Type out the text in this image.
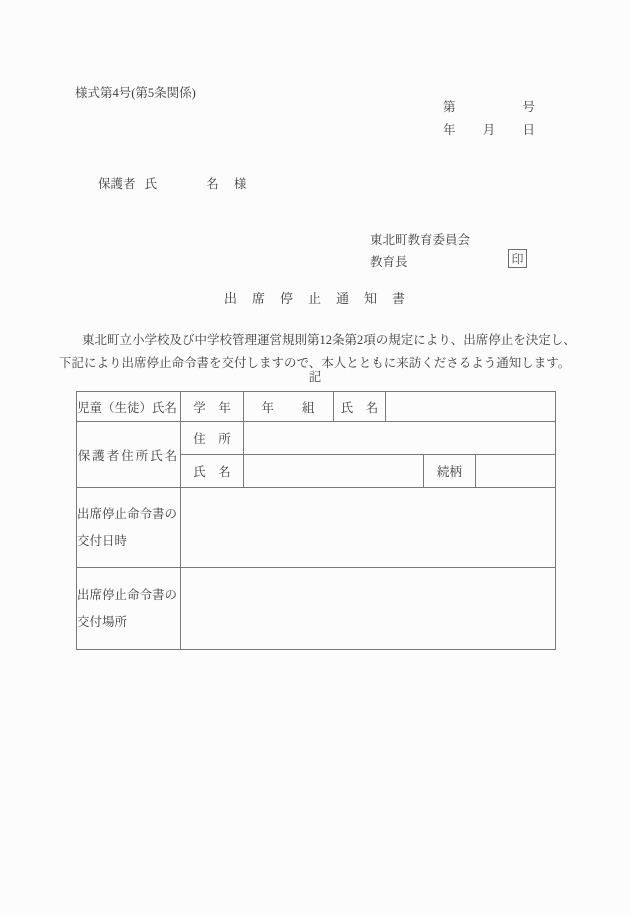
様式第4号(第5条関係)
第	号
年 月 日
保護者 氏	名 様
東北町教育委員会
教育長	印
出　席　停　止　通　知　書
東北町立小学校及び中学校管理運営規則第12条第2項の規定により、出席停止を決定し、
下記により出席停止命令書を交付しますので、本人とともに来訪くださるよう通知します。
記
児童（生徒）氏名	学　年	年　　 組	氏　名			
保護者住所氏名	住　所					
	氏　名				続柄	

出席停止命令書の
交付日時						

出席停止命令書の
交付場所						
